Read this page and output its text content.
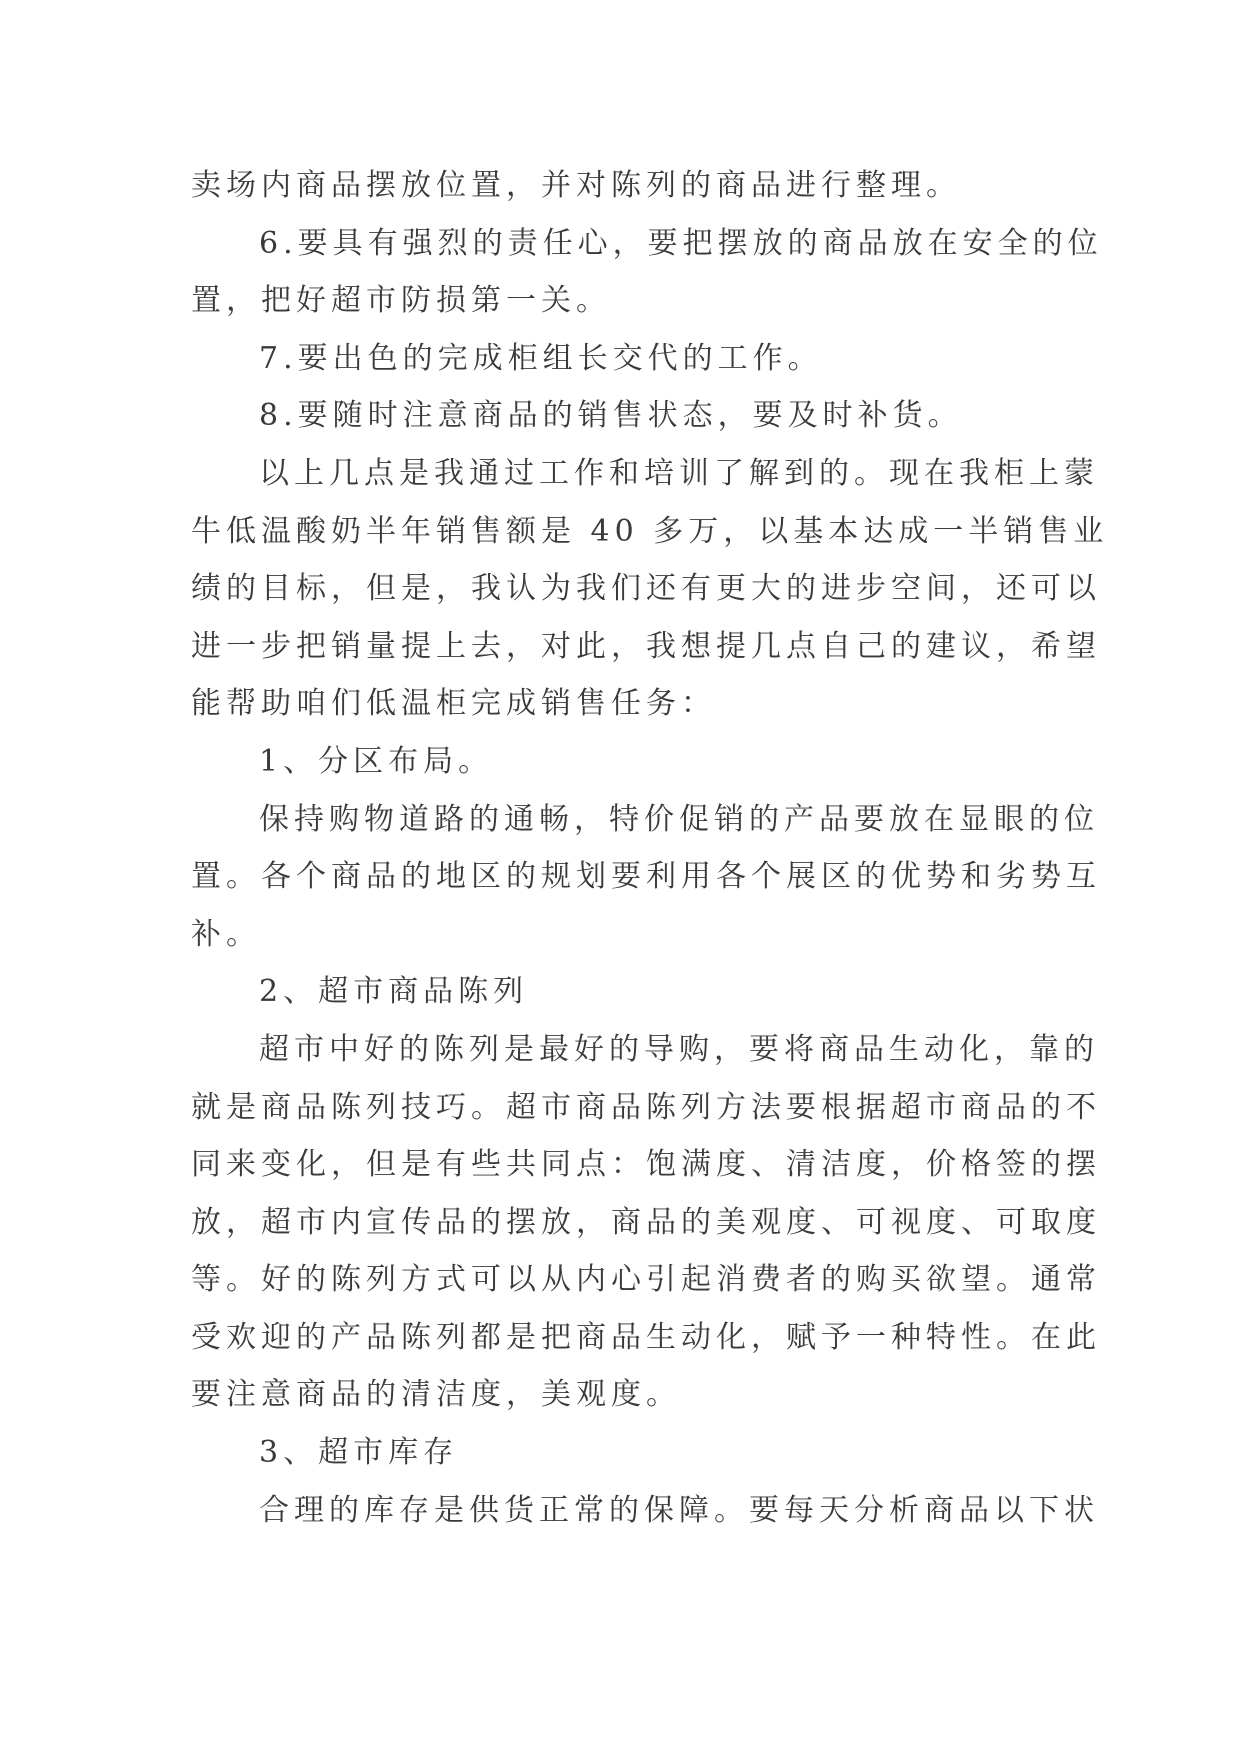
卖场内商品摆放位置，并对陈列的商品进行整理。
6.要具有强烈的责任心，要把摆放的商品放在安全的位
置，把好超市防损第一关。
7.要出色的完成柜组长交代的工作。
8.要随时注意商品的销售状态，要及时补货。
以上几点是我通过工作和培训了解到的。现在我柜上蒙
牛低温酸奶半年销售额是 40 多万，以基本达成一半销售业
绩的目标，但是，我认为我们还有更大的进步空间，还可以
进一步把销量提上去，对此，我想提几点自己的建议，希望
能帮助咱们低温柜完成销售任务：
1、分区布局。
保持购物道路的通畅，特价促销的产品要放在显眼的位
置。各个商品的地区的规划要利用各个展区的优势和劣势互
补。
2、超市商品陈列
超市中好的陈列是最好的导购，要将商品生动化，靠的
就是商品陈列技巧。超市商品陈列方法要根据超市商品的不
同来变化，但是有些共同点：饱满度、清洁度，价格签的摆
放，超市内宣传品的摆放，商品的美观度、可视度、可取度
等。好的陈列方式可以从内心引起消费者的购买欲望。通常
受欢迎的产品陈列都是把商品生动化，赋予一种特性。在此
要注意商品的清洁度，美观度。
3、超市库存
合理的库存是供货正常的保障。要每天分析商品以下状
